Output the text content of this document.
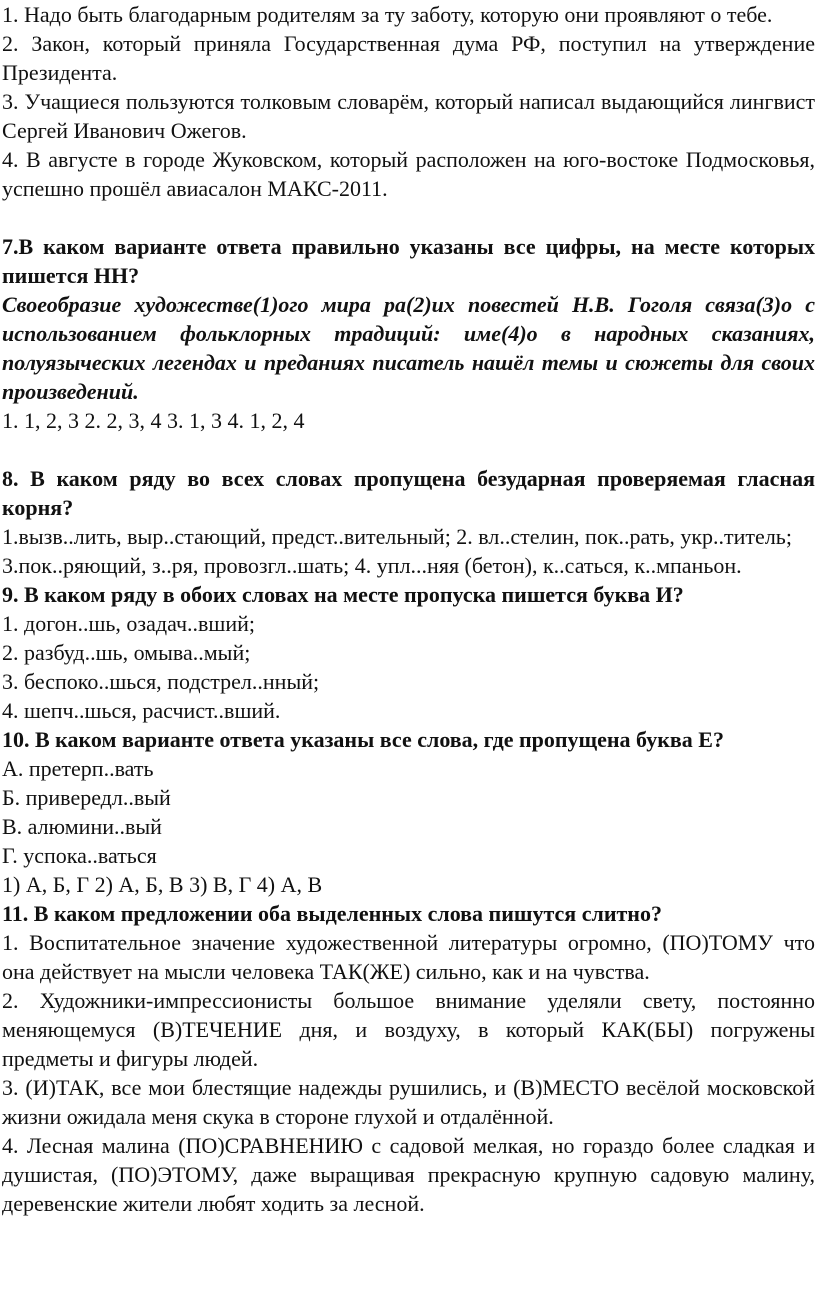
1. Надо быть благодарным родителям за ту заботу, которую они проявляют о тебе.

2. Закон, который приняла Государственная дума РФ, поступил на утверждение Президента.

3. Учащиеся пользуются толковым словарём, который написал выдающийся лингвист Сергей Иванович Ожегов.

4. В августе в городе Жуковском, который расположен на юго-востоке Подмосковья, успешно прошёл авиасалон МАКС-2011.

7.В каком варианте ответа правильно указаны все цифры, на месте которых пишется НН?

Своеобразие художестве(1)ого мира ра(2)их повестей Н.В. Гоголя связа(3)о с использованием фольклорных традиций: име(4)о в народных сказаниях, полуязыческих легендах и преданиях писатель нашёл темы и сюжеты для своих произведений.

1. 1, 2, 3 2. 2, 3, 4 3. 1, 3 4. 1, 2, 4

8. В каком ряду во всех словах пропущена безударная проверяемая гласная корня?

1.вызв..лить, выр..стающий, предст..вительный; 2. вл..стелин, пок..рать, укр..титель;

3.пок..ряющий, з..ря, провозгл..шать; 4. упл...няя (бетон), к..саться, к..мпаньон.

9. В каком ряду в обоих словах на месте пропуска пишется буква И?

1. догон..шь, озадач..вший;

2. разбуд..шь, омыва..мый;

3. беспоко..шься, подстрел..нный;

4. шепч..шься, расчист..вший.

10. В каком варианте ответа указаны все слова, где пропущена буква Е?

А. претерп..вать

Б. привередл..вый

В. алюмини..вый

Г. успока..ваться

1) А, Б, Г 2) А, Б, В 3) В, Г 4) А, В

11. В каком предложении оба выделенных слова пишутся слитно?

1. Воспитательное значение художественной литературы огромно, (ПО)ТОМУ что она действует на мысли человека ТАК(ЖЕ) сильно, как и на чувства.

2. Художники-импрессионисты большое внимание уделяли свету, постоянно меняющемуся (В)ТЕЧЕНИЕ дня, и воздуху, в который КАК(БЫ) погружены предметы и фигуры людей.

3. (И)ТАК, все мои блестящие надежды рушились, и (В)МЕСТО весёлой московской жизни ожидала меня скука в стороне глухой и отдалённой.

4. Лесная малина (ПО)СРАВНЕНИЮ с садовой мелкая, но гораздо более сладкая и душистая, (ПО)ЭТОМУ, даже выращивая прекрасную крупную садовую малину, деревенские жители любят ходить за лесной.
